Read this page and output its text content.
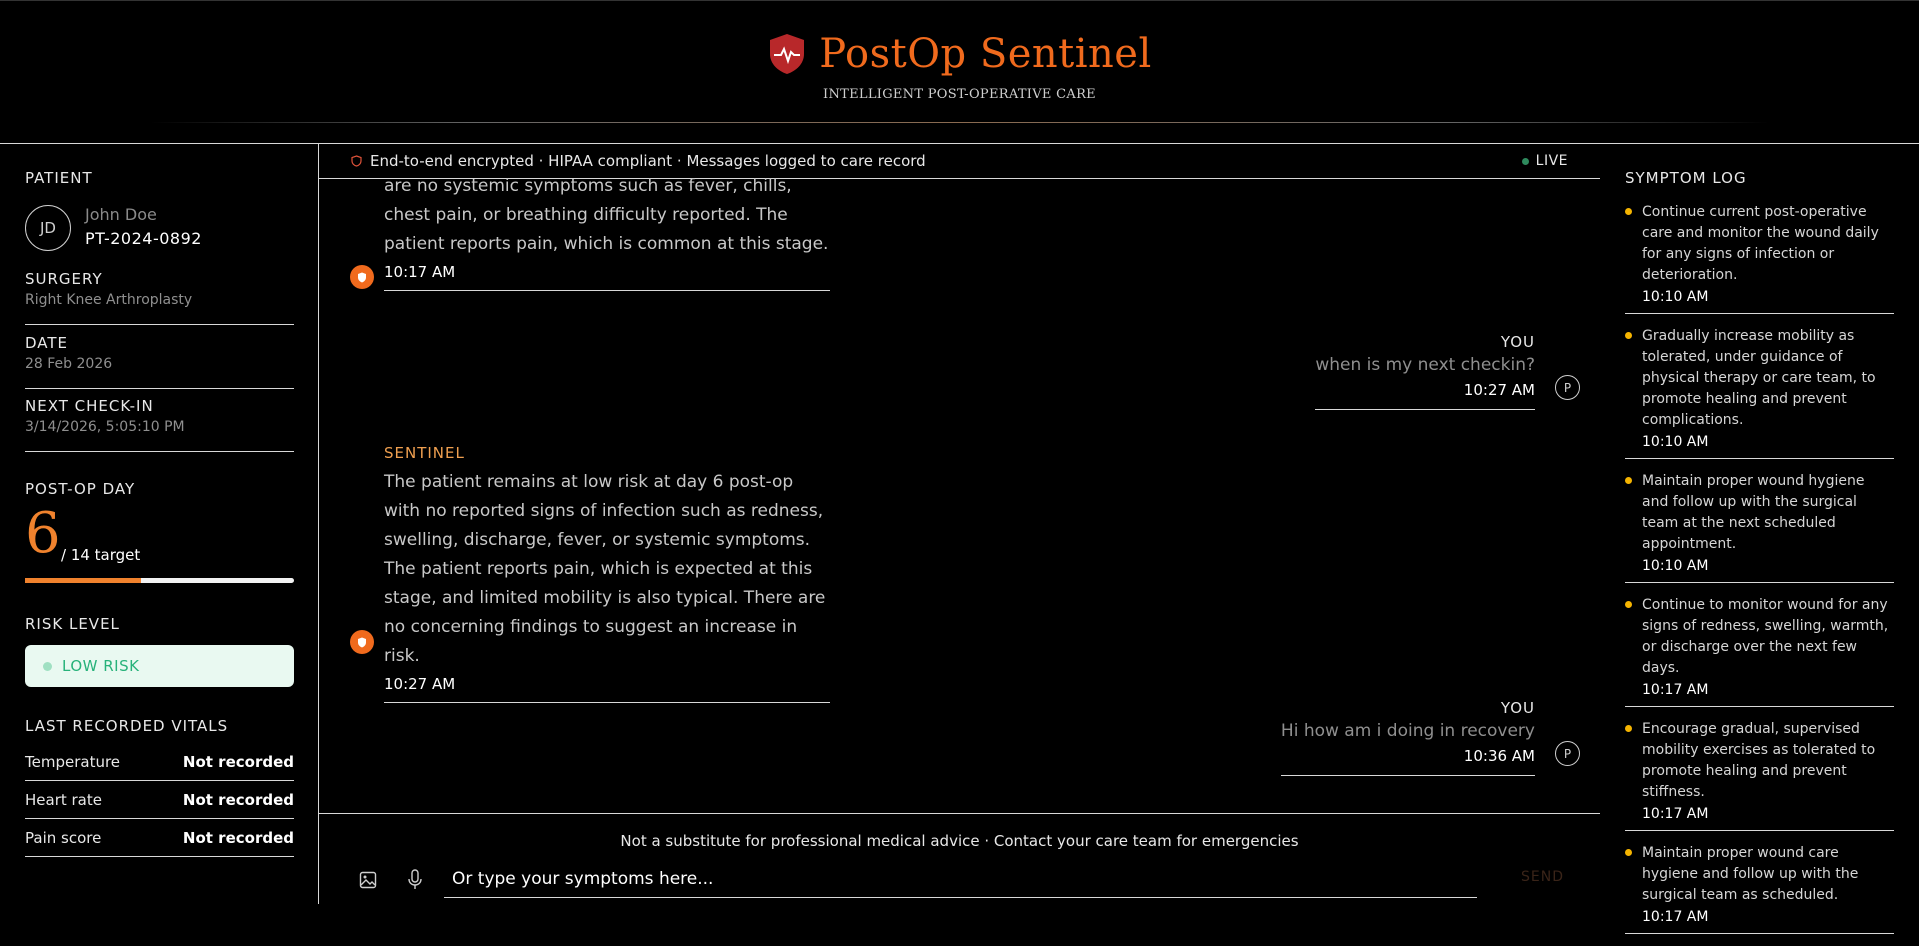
PostOp Sentinel
INTELLIGENT POST-OPERATIVE CARE
PATIENT
JD
John Doe
PT-2024-0892
SURGERY
Right Knee Arthroplasty
DATE
28 Feb 2026
NEXT CHECK-IN
3/14/2026, 5:05:10 PM
POST-OP DAY
6 / 14 target
RISK LEVEL
LOW RISK
LAST RECORDED VITALS
Temperature	Not recorded
Heart rate	Not recorded
Pain score	Not recorded
End-to-end encrypted · HIPAA compliant · Messages logged to care record	LIVE
are no systemic symptoms such as fever, chills, chest pain, or breathing difficulty reported. The patient reports pain, which is common at this stage.
10:17 AM
YOU
when is my next checkin?
10:27 AM	P
SENTINEL
The patient remains at low risk at day 6 post-op with no reported signs of infection such as redness, swelling, discharge, fever, or systemic symptoms. The patient reports pain, which is expected at this stage, and limited mobility is also typical. There are no concerning findings to suggest an increase in risk.
10:27 AM
YOU
Hi how am i doing in recovery
10:36 AM	P
Not a substitute for professional medical advice · Contact your care team for emergencies
Or type your symptoms here...
SEND
SYMPTOM LOG
Continue current post-operative care and monitor the wound daily for any signs of infection or deterioration.
10:10 AM
Gradually increase mobility as tolerated, under guidance of physical therapy or care team, to promote healing and prevent complications.
10:10 AM
Maintain proper wound hygiene and follow up with the surgical team at the next scheduled appointment.
10:10 AM
Continue to monitor wound for any signs of redness, swelling, warmth, or discharge over the next few days.
10:17 AM
Encourage gradual, supervised mobility exercises as tolerated to promote healing and prevent stiffness.
10:17 AM
Maintain proper wound care hygiene and follow up with the surgical team as scheduled.
10:17 AM
